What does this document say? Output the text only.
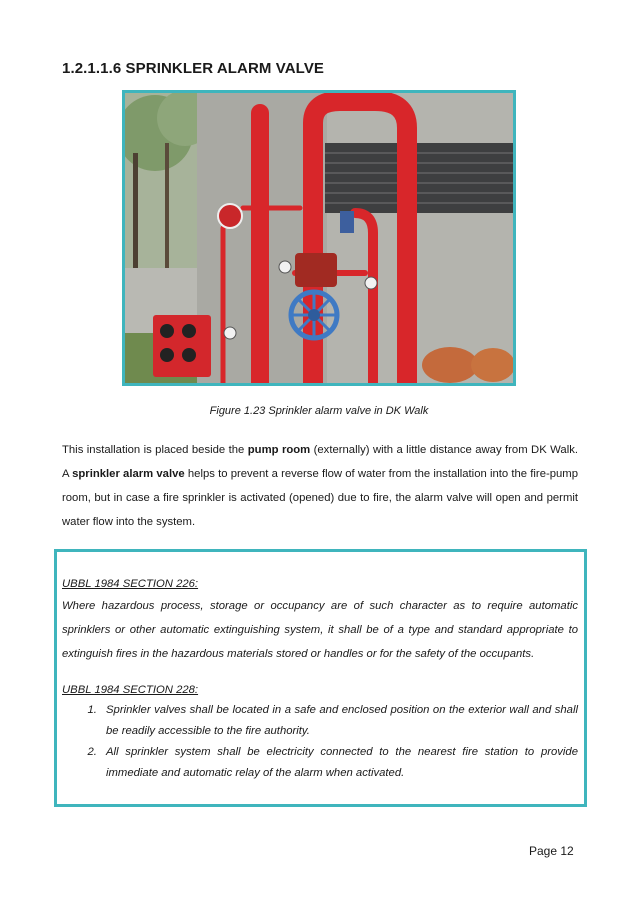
1.2.1.1.6 SPRINKLER ALARM VALVE
Figure 1.23 Sprinkler alarm valve in DK Walk

This installation is placed beside the pump room (externally) with a little distance away from DK Walk. A sprinkler alarm valve helps to prevent a reverse flow of water from the installation into the fire-pump room, but in case a fire sprinkler is activated (opened) due to fire, the alarm valve will open and permit water flow into the system.

UBBL 1984 SECTION 226:

Where hazardous process, storage or occupancy are of such character as to require automatic sprinklers or other automatic extinguishing system, it shall be of a type and standard appropriate to extinguish fires in the hazardous materials stored or handles or for the safety of the occupants.

UBBL 1984 SECTION 228:

1. Sprinkler valves shall be located in a safe and enclosed position on the exterior wall and shall be readily accessible to the fire authority.
2. All sprinkler system shall be electricity connected to the nearest fire station to provide immediate and automatic relay of the alarm when activated.
Page 12
